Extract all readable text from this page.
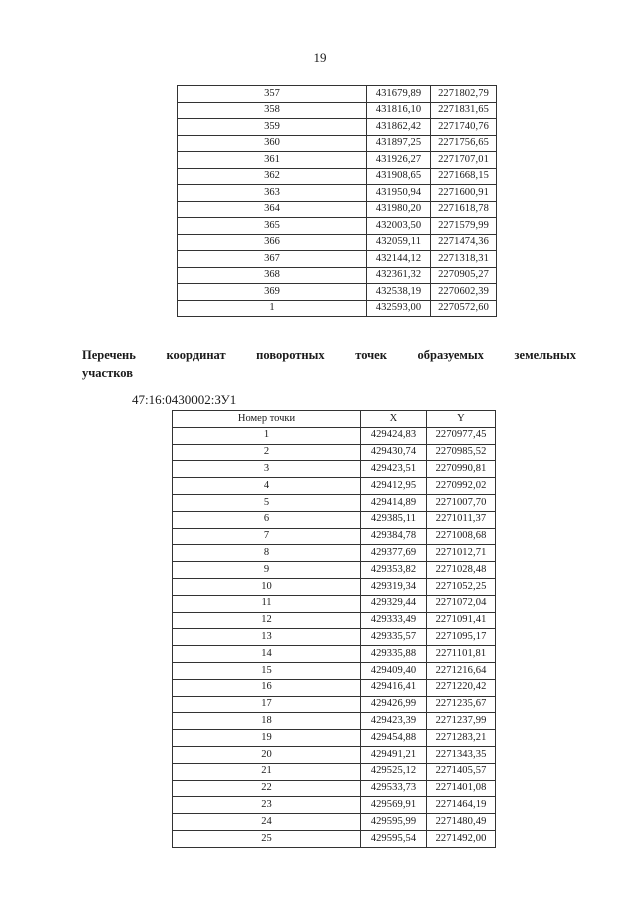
19
357	431679,89	2271802,79
358	431816,10	2271831,65
359	431862,42	2271740,76
360	431897,25	2271756,65
361	431926,27	2271707,01
362	431908,65	2271668,15
363	431950,94	2271600,91
364	431980,20	2271618,78
365	432003,50	2271579,99
366	432059,11	2271474,36
367	432144,12	2271318,31
368	432361,32	2270905,27
369	432538,19	2270602,39
1	432593,00	2270572,60
Перечень координат поворотных точек образуемых земельных
участков
47:16:0430002:ЗУ1
Номер точки	X	Y
1	429424,83	2270977,45
2	429430,74	2270985,52
3	429423,51	2270990,81
4	429412,95	2270992,02
5	429414,89	2271007,70
6	429385,11	2271011,37
7	429384,78	2271008,68
8	429377,69	2271012,71
9	429353,82	2271028,48
10	429319,34	2271052,25
11	429329,44	2271072,04
12	429333,49	2271091,41
13	429335,57	2271095,17
14	429335,88	2271101,81
15	429409,40	2271216,64
16	429416,41	2271220,42
17	429426,99	2271235,67
18	429423,39	2271237,99
19	429454,88	2271283,21
20	429491,21	2271343,35
21	429525,12	2271405,57
22	429533,73	2271401,08
23	429569,91	2271464,19
24	429595,99	2271480,49
25	429595,54	2271492,00
